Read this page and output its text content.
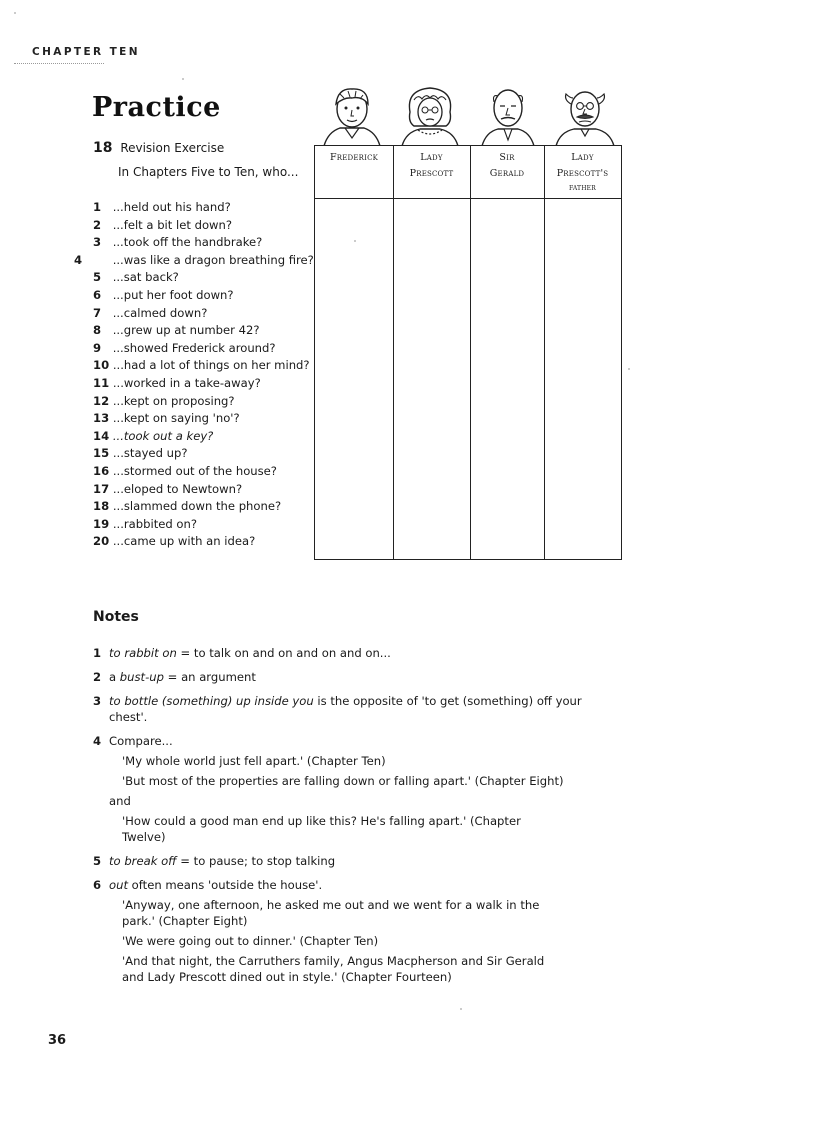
CHAPTER TEN
Practice
18 Revision Exercise
In Chapters Five to Ten, who...
1 ...held out his hand?
2 ...felt a bit let down?
3 ...took off the handbrake?
4	...was like a dragon breathing fire?
5 ...sat back?
6 ...put her foot down?
7 ...calmed down?
8 ...grew up at number 42?
9 ...showed Frederick around?
10 ...had a lot of things on her mind?
11 ...worked in a take-away?
12 ...kept on proposing?
13 ...kept on saying 'no'?
14 ...took out a key?
15 ...stayed up?
16 ...stormed out of the house?
17 ...eloped to Newtown?
18 ...slammed down the phone?
19 ...rabbited on?
20 ...came up with an idea?
Frederick	Lady
Prescott
Sir
Gerald
Lady
Prescott's
father
Notes
1 to rabbit on = to talk on and on and on and on...
2 a bust-up = an argument
3 to bottle (something) up inside you is the opposite of 'to get (something) off your chest'.
4 Compare...
'My whole world just fell apart.' (Chapter Ten)
'But most of the properties are falling down or falling apart.' (Chapter Eight)
and
'How could a good man end up like this? He's falling apart.' (Chapter Twelve)
5 to break off = to pause; to stop talking
6 out often means 'outside the house'.
'Anyway, one afternoon, he asked me out and we went for a walk in the park.' (Chapter Eight)
'We were going out to dinner.' (Chapter Ten)
'And that night, the Carruthers family, Angus Macpherson and Sir Gerald and Lady Prescott dined out in style.' (Chapter Fourteen)
36
